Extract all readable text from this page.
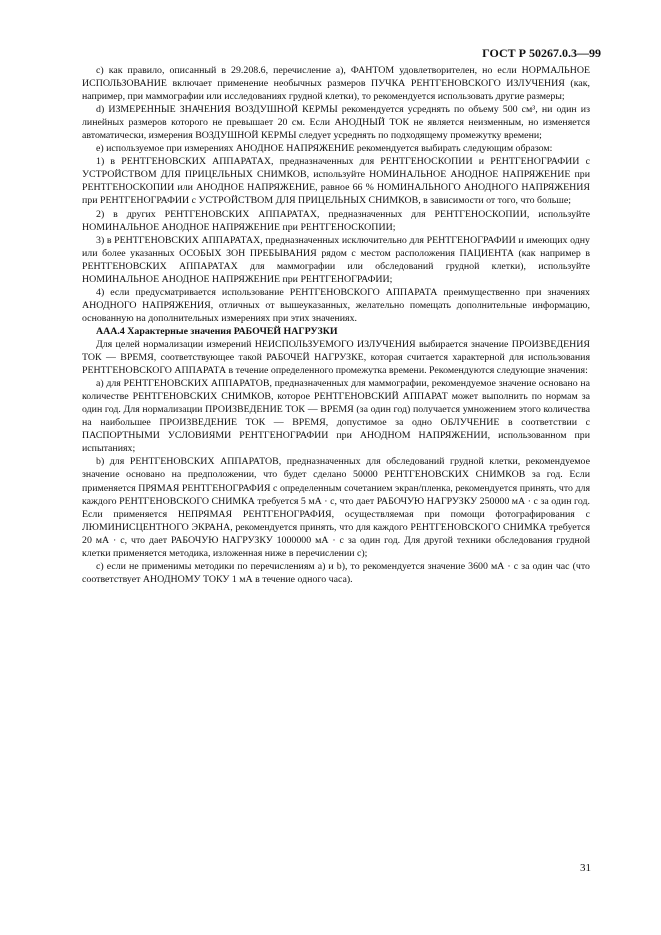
ГОСТ Р 50267.0.3—99

с) как правило, описанный в 29.208.6, перечисление а), ФАНТОМ удовлетворителен, но если НОРМАЛЬНОЕ ИСПОЛЬЗОВАНИЕ включает применение необычных размеров ПУЧКА РЕНТГЕНОВСКОГО ИЗЛУЧЕНИЯ (как, например, при маммографии или исследованиях грудной клетки), то рекомендуется использовать другие размеры;

d) ИЗМЕРЕННЫЕ ЗНАЧЕНИЯ ВОЗДУШНОЙ КЕРМЫ рекомендуется усреднять по объему 500 см³, ни один из линейных размеров которого не превышает 20 см. Если АНОДНЫЙ ТОК не является неизменным, но изменяется автоматически, измерения ВОЗДУШНОЙ КЕРМЫ следует усреднять по подходящему промежутку времени;

е) используемое при измерениях АНОДНОЕ НАПРЯЖЕНИЕ рекомендуется выбирать следующим образом:

1) в РЕНТГЕНОВСКИХ АППАРАТАХ, предназначенных для РЕНТГЕНОСКОПИИ и РЕНТГЕНОГРАФИИ с УСТРОЙСТВОМ ДЛЯ ПРИЦЕЛЬНЫХ СНИМКОВ, используйте НОМИНАЛЬНОЕ АНОДНОЕ НАПРЯЖЕНИЕ при РЕНТГЕНОСКОПИИ или АНОДНОЕ НАПРЯЖЕНИЕ, равное 66 % НОМИНАЛЬНОГО АНОДНОГО НАПРЯЖЕНИЯ при РЕНТГЕНОГРАФИИ с УСТРОЙСТВОМ ДЛЯ ПРИЦЕЛЬНЫХ СНИМКОВ, в зависимости от того, что больше;

2) в других РЕНТГЕНОВСКИХ АППАРАТАХ, предназначенных для РЕНТГЕНОСКОПИИ, используйте НОМИНАЛЬНОЕ АНОДНОЕ НАПРЯЖЕНИЕ при РЕНТГЕНОСКОПИИ;

3) в РЕНТГЕНОВСКИХ АППАРАТАХ, предназначенных исключительно для РЕНТГЕНОГРАФИИ и имеющих одну или более указанных ОСОБЫХ ЗОН ПРЕБЫВАНИЯ рядом с местом расположения ПАЦИЕНТА (как например в РЕНТГЕНОВСКИХ АППАРАТАХ для маммографии или обследований грудной клетки), используйте НОМИНАЛЬНОЕ АНОДНОЕ НАПРЯЖЕНИЕ при РЕНТГЕНОГРАФИИ;

4) если предусматривается использование РЕНТГЕНОВСКОГО АППАРАТА преимущественно при значениях АНОДНОГО НАПРЯЖЕНИЯ, отличных от вышеуказанных, желательно помещать дополнительные информацию, основанную на дополнительных измерениях при этих значениях.

ААА.4 Характерные значения РАБОЧЕЙ НАГРУЗКИ

Для целей нормализации измерений НЕИСПОЛЬЗУЕМОГО ИЗЛУЧЕНИЯ выбирается значение ПРОИЗВЕДЕНИЯ ТОК — ВРЕМЯ, соответствующее такой РАБОЧЕЙ НАГРУЗКЕ, которая считается характерной для использования РЕНТГЕНОВСКОГО АППАРАТА в течение определенного промежутка времени. Рекомендуются следующие значения:

а) для РЕНТГЕНОВСКИХ АППАРАТОВ, предназначенных для маммографии, рекомендуемое значение основано на количестве РЕНТГЕНОВСКИХ СНИМКОВ, которое РЕНТГЕНОВСКИЙ АППАРАТ может выполнить по нормам за один год. Для нормализации ПРОИЗВЕДЕНИЕ ТОК — ВРЕМЯ (за один год) получается умножением этого количества на наибольшее ПРОИЗВЕДЕНИЕ ТОК — ВРЕМЯ, допустимое за одно ОБЛУЧЕНИЕ в соответствии с ПАСПОРТНЫМИ УСЛОВИЯМИ РЕНТГЕНОГРАФИИ при АНОДНОМ НАПРЯЖЕНИИ, использованном при испытаниях;

b) для РЕНТГЕНОВСКИХ АППАРАТОВ, предназначенных для обследований грудной клетки, рекомендуемое значение основано на предположении, что будет сделано 50000 РЕНТГЕНОВСКИХ СНИМКОВ за год. Если применяется ПРЯМАЯ РЕНТГЕНОГРАФИЯ с определенным сочетанием экран/пленка, рекомендуется принять, что для каждого РЕНТГЕНОВСКОГО СНИМКА требуется 5 мА · с, что дает РАБОЧУЮ НАГРУЗКУ 250000 мА · с за один год. Если применяется НЕПРЯМАЯ РЕНТГЕНОГРАФИЯ, осуществляемая при помощи фотографирования с ЛЮМИНИСЦЕНТНОГО ЭКРАНА, рекомендуется принять, что для каждого РЕНТГЕНОВСКОГО СНИМКА требуется 20 мА · с, что дает РАБОЧУЮ НАГРУЗКУ 1000000 мА · с за один год. Для другой техники обследования грудной клетки применяется методика, изложенная ниже в перечислении с);

с) если не применимы методики по перечислениям а) и b), то рекомендуется значение 3600 мА · с за один час (что соответствует АНОДНОМУ ТОКУ 1 мА в течение одного часа).

31
